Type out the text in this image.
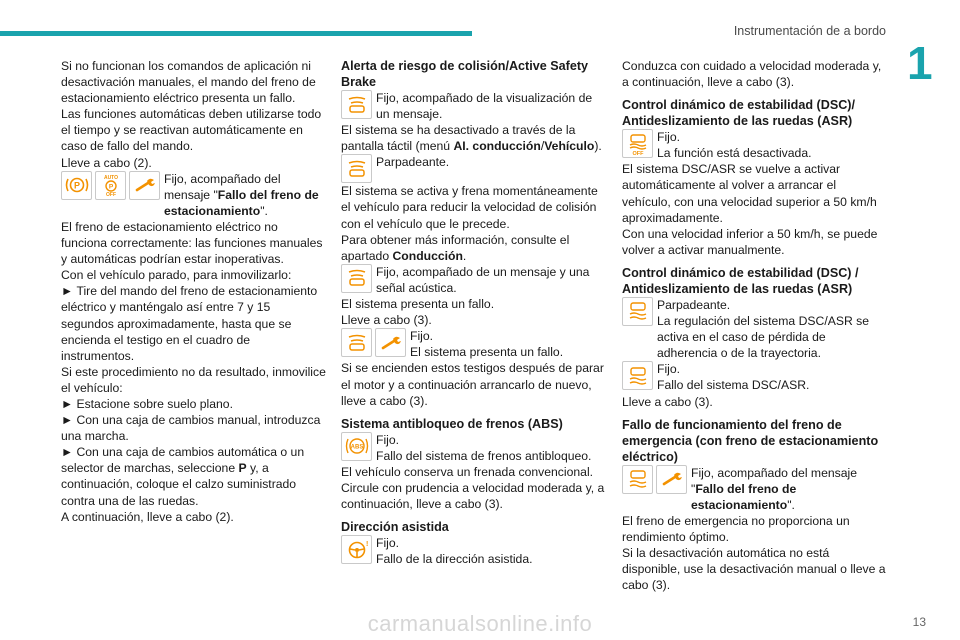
Instrumentación de a bordo
1

Si no funcionan los comandos de aplicación ni desactivación manuales, el mando del freno de estacionamiento eléctrico presenta un fallo.

Las funciones automáticas deben utilizarse todo el tiempo y se reactivan automáticamente en caso de fallo del mando.

Lleve a cabo (2).

P
AUTO
P
OFF
Fijo, acompañado del mensaje "Fallo del freno de estacionamiento".

El freno de estacionamiento eléctrico no funciona correctamente: las funciones manuales y automáticas podrían estar inoperativas.

Con el vehículo parado, para inmovilizarlo:

► Tire del mando del freno de estacionamiento eléctrico y manténgalo así entre 7 y 15 segundos aproximadamente, hasta que se encienda el testigo en el cuadro de instrumentos.

Si este procedimiento no da resultado, inmovilice el vehículo:

► Estacione sobre suelo plano.

► Con una caja de cambios manual, introduzca una marcha.

► Con una caja de cambios automática o un selector de marchas, seleccione P y, a continuación, coloque el calzo suministrado contra una de las ruedas.

A continuación, lleve a cabo (2).

Alerta de riesgo de colisión/Active Safety Brake

Fijo, acompañado de la visualización de un mensaje.

El sistema se ha desactivado a través de la pantalla táctil (menú AI. conducción/Vehículo).

Parpadeante.

El sistema se activa y frena momentáneamente el vehículo para reducir la velocidad de colisión con el vehículo que le precede.

Para obtener más información, consulte el apartado Conducción.

Fijo, acompañado de un mensaje y una señal acústica.

El sistema presenta un fallo.

Lleve a cabo (3).

Fijo.
El sistema presenta un fallo.

Si se encienden estos testigos después de parar el motor y a continuación arrancarlo de nuevo, lleve a cabo (3).

Sistema antibloqueo de frenos (ABS)

ABS
Fijo.
Fallo del sistema de frenos antibloqueo.

El vehículo conserva un frenada convencional.

Circule con prudencia a velocidad moderada y, a continuación, lleve a cabo (3).

Dirección asistida

! Fijo.
Fallo de la dirección asistida.

Conduzca con cuidado a velocidad moderada y, a continuación, lleve a cabo (3).

Control dinámico de estabilidad (DSC)/ Antideslizamiento de las ruedas (ASR)

OFF
Fijo.
La función está desactivada.

El sistema DSC/ASR se vuelve a activar automáticamente al volver a arrancar el vehículo, con una velocidad superior a 50 km/h aproximadamente.

Con una velocidad inferior a 50 km/h, se puede volver a activar manualmente.

Control dinámico de estabilidad (DSC) / Antideslizamiento de las ruedas (ASR)

Parpadeante.
La regulación del sistema DSC/ASR se activa en el caso de pérdida de adherencia o de la trayectoria.
Fijo.
Fallo del sistema DSC/ASR.

Lleve a cabo (3).

Fallo de funcionamiento del freno de emergencia (con freno de estacionamiento eléctrico)

Fijo, acompañado del mensaje "Fallo del freno de estacionamiento".

El freno de emergencia no proporciona un rendimiento óptimo.

Si la desactivación automática no está disponible, use la desactivación manual o lleve a cabo (3).

13
carmanualsonline.info
